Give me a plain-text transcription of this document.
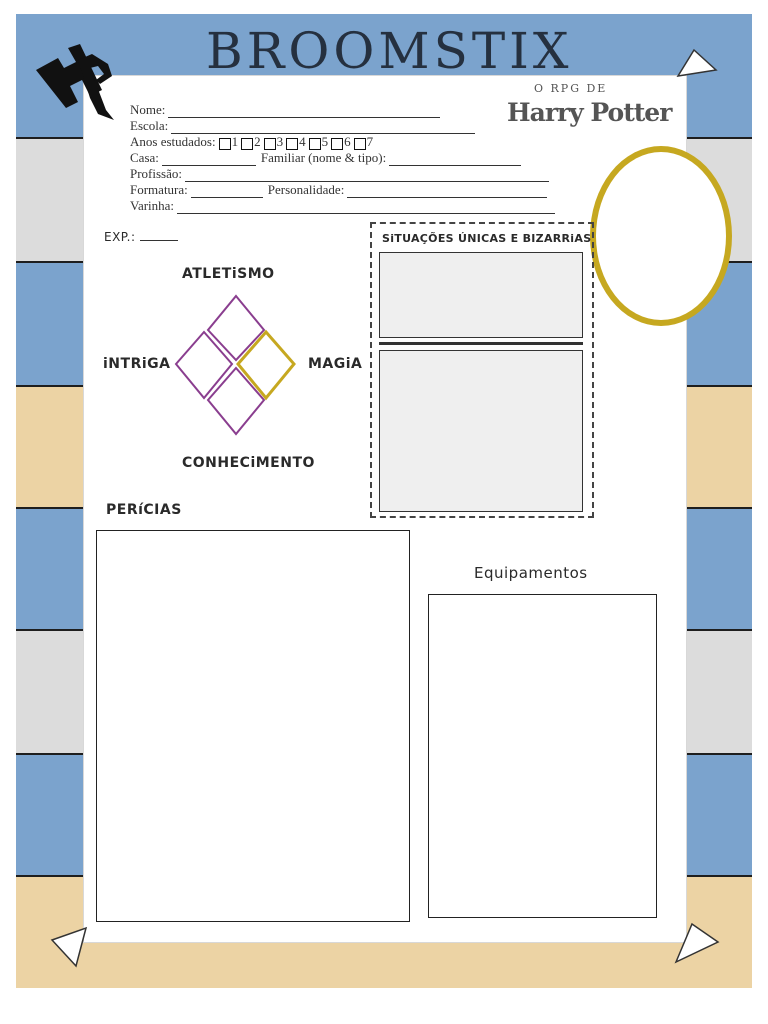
BROOMSTIX
O RPG DE
Harry Potter
Nome:
Escola:
Anos estudados: 1 2 3 4 5 6 7
Casa:	Familiar (nome & tipo):
Profissão:
Formatura:	Personalidade:
Varinha:
EXP.:
ATLETiSMO
iNTRiGA	MAGiA
CONHECiMENTO
SiTUAÇÕES ÚNICAS E BIZARRiAS
PERíCIAS
Equipamentos
